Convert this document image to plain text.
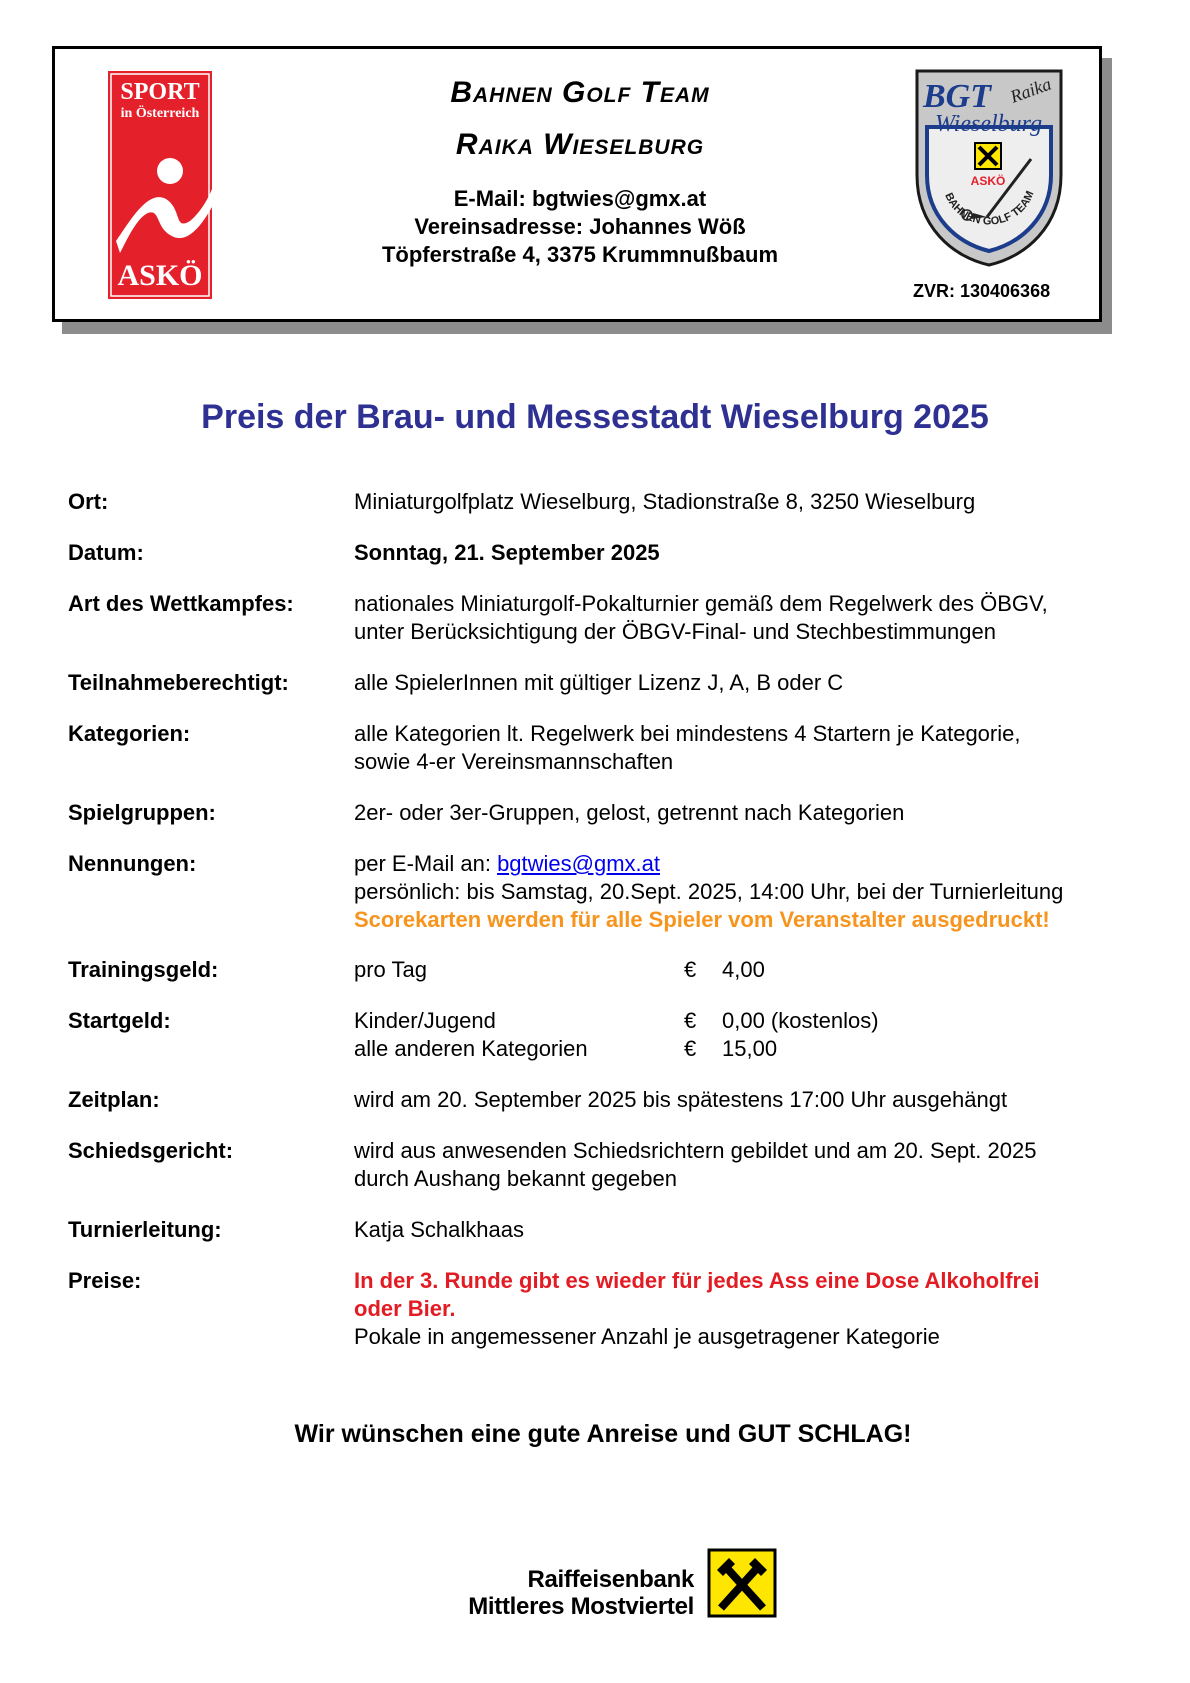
SPORT
in Österreich
ASKÖ
Bahnen Golf Team
Raika Wieselburg
E-Mail: bgtwies@gmx.at
Vereinsadresse: Johannes Wöß
Töpferstraße 4, 3375 Krummnußbaum
BGT Raika
Wieselburg
ASKÖ
BAHNEN GOLF TEAM
ZVR: 130406368
Preis der Brau- und Messestadt Wieselburg 2025
Ort:	Miniaturgolfplatz Wieselburg, Stadionstraße 8, 3250 Wieselburg
Datum:	Sonntag, 21. September 2025
Art des Wettkampfes:	nationales Miniaturgolf-Pokalturnier gemäß dem Regelwerk des ÖBGV,
unter Berücksichtigung der ÖBGV-Final- und Stechbestimmungen
Teilnahmeberechtigt:	alle SpielerInnen mit gültiger Lizenz J, A, B oder C
Kategorien:	alle Kategorien lt. Regelwerk bei mindestens 4 Startern je Kategorie,
sowie 4-er Vereinsmannschaften
Spielgruppen:	2er- oder 3er-Gruppen, gelost, getrennt nach Kategorien
Nennungen:	per E-Mail an: bgtwies@gmx.at
persönlich: bis Samstag, 20.Sept. 2025, 14:00 Uhr, bei der Turnierleitung
Scorekarten werden für alle Spieler vom Veranstalter ausgedruckt!
Trainingsgeld:	pro Tag	€	4,00
Startgeld:	Kinder/Jugend	€	0,00 (kostenlos)
alle anderen Kategorien	€	15,00
Zeitplan:	wird am 20. September 2025 bis spätestens 17:00 Uhr ausgehängt
Schiedsgericht:	wird aus anwesenden Schiedsrichtern gebildet und am 20. Sept. 2025
durch Aushang bekannt gegeben
Turnierleitung:	Katja Schalkhaas
Preise:	In der 3. Runde gibt es wieder für jedes Ass eine Dose Alkoholfrei
oder Bier.
Pokale in angemessener Anzahl je ausgetragener Kategorie
Wir wünschen eine gute Anreise und GUT SCHLAG!
Raiffeisenbank
Mittleres Mostviertel
